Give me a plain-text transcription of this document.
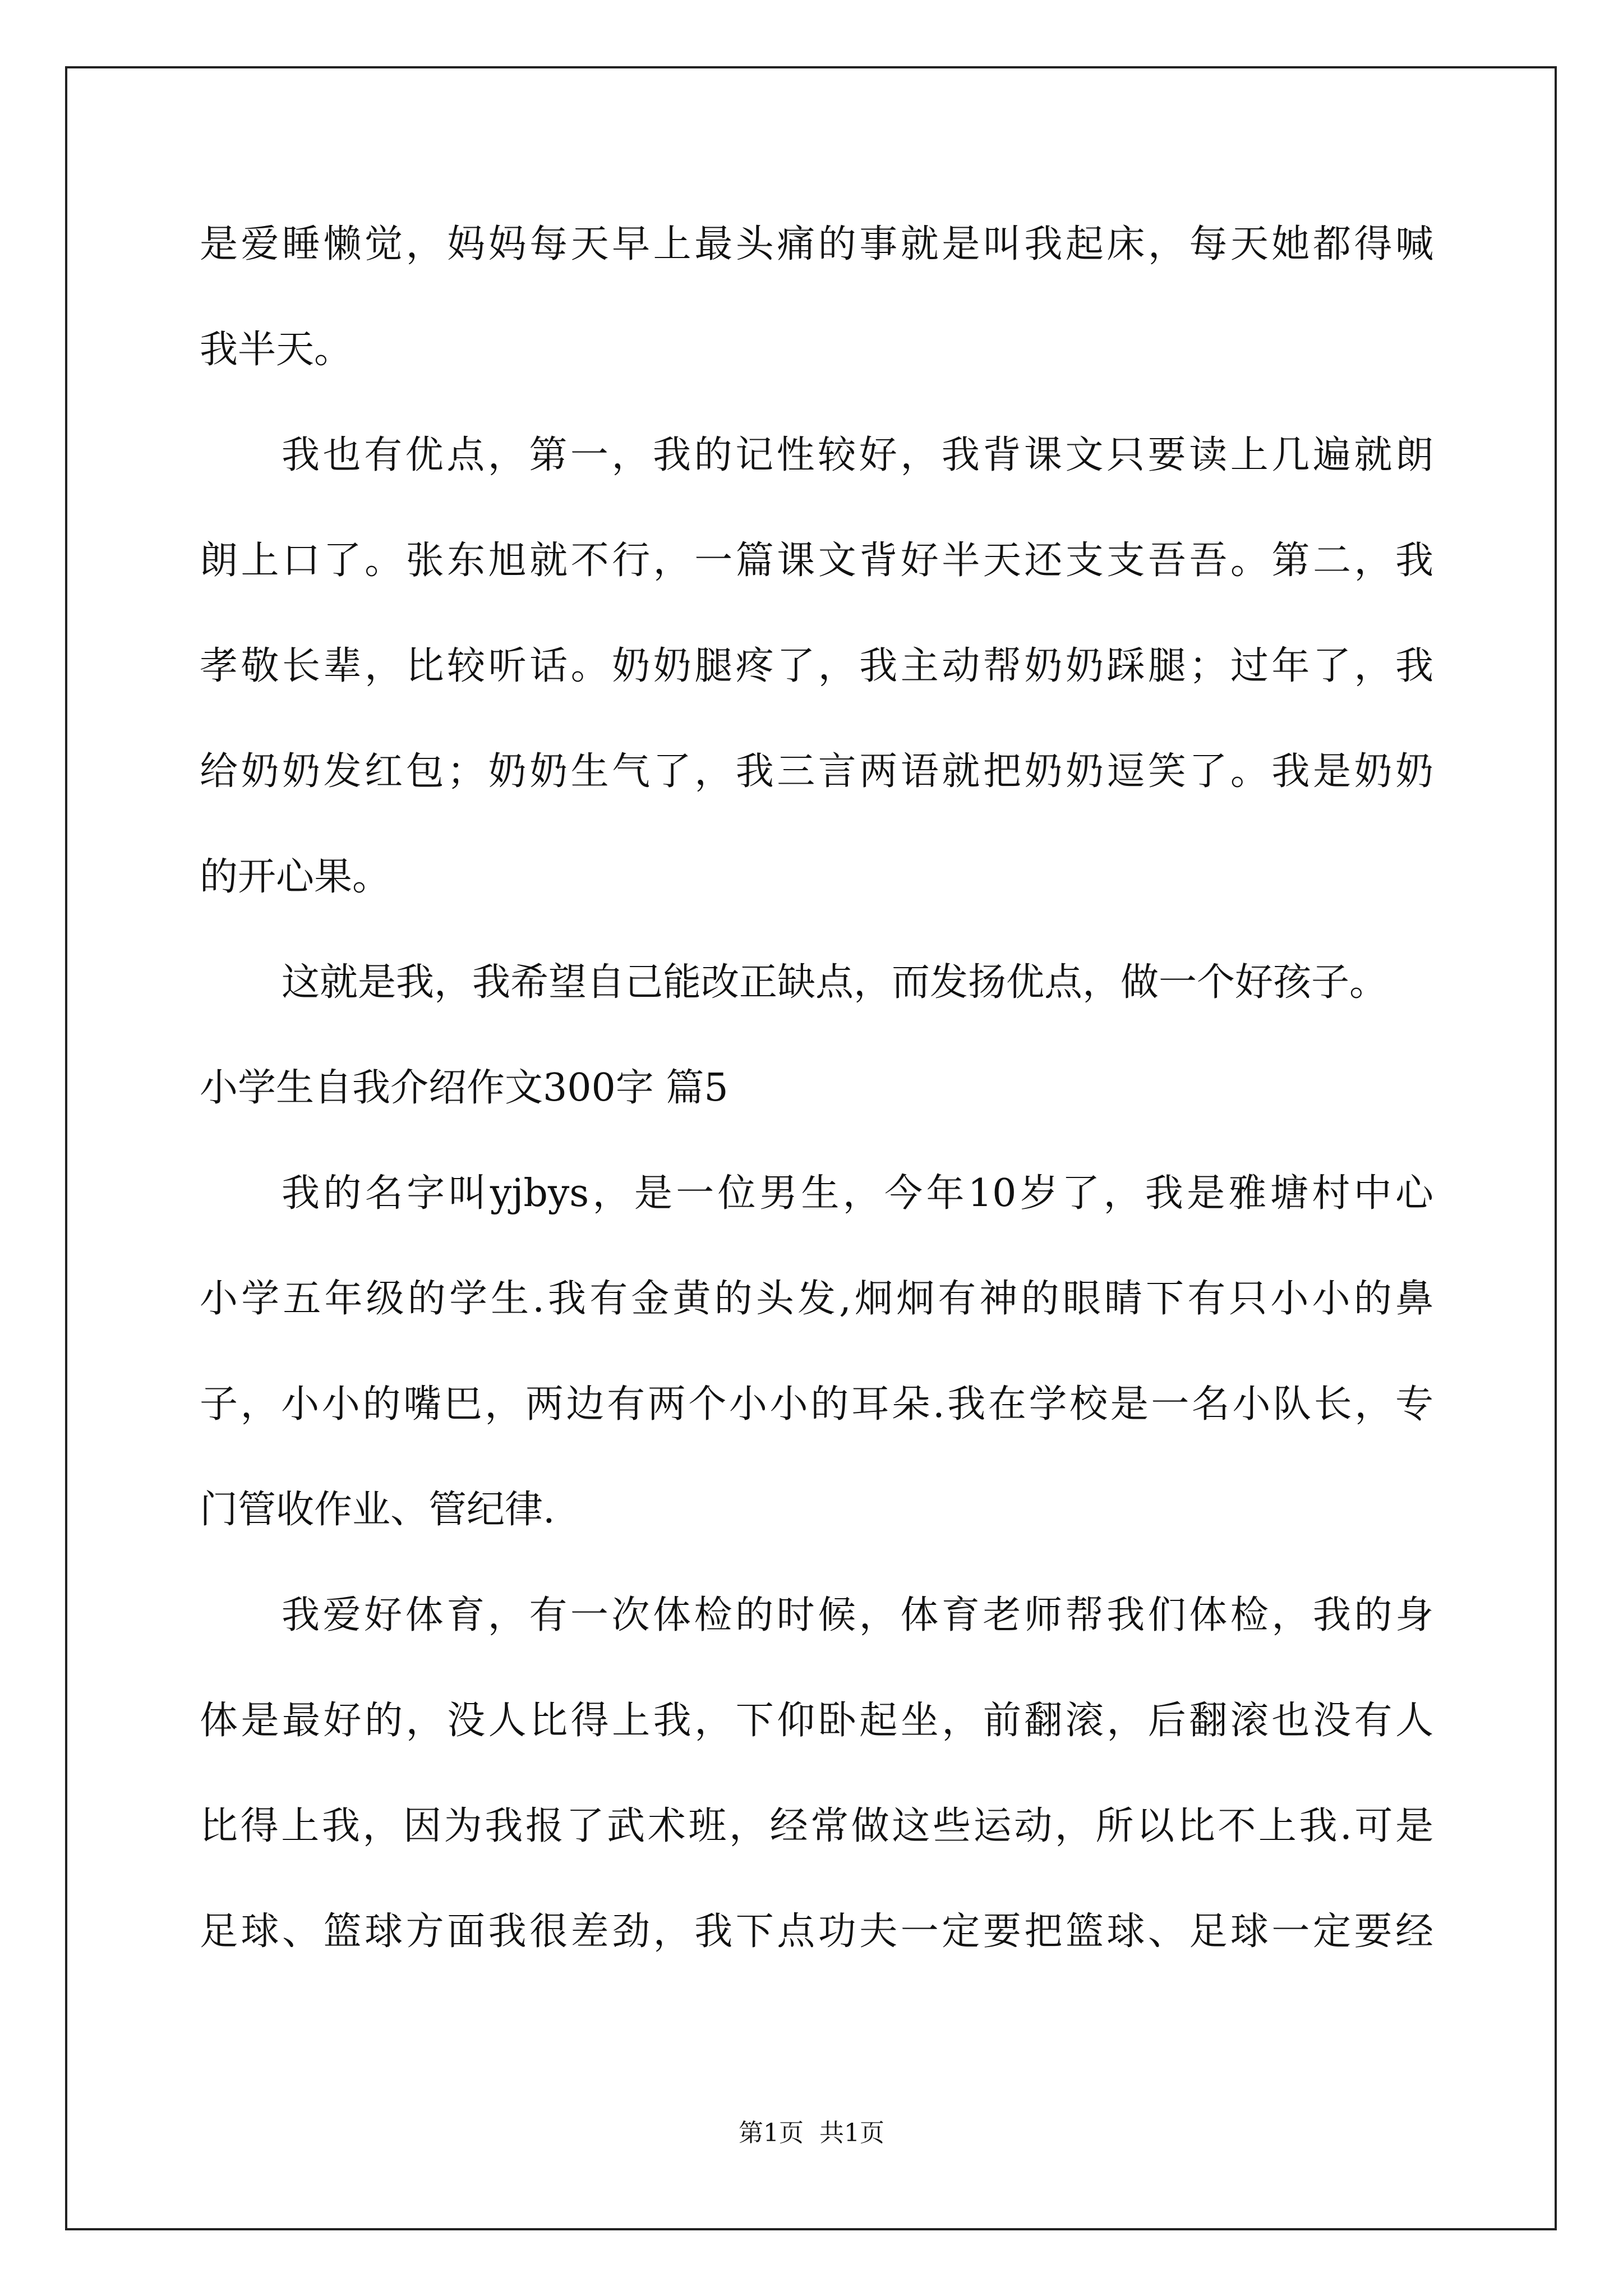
是爱睡懒觉，妈妈每天早上最头痛的事就是叫我起床，每天她都得喊
我半天。
我也有优点，第一，我的记性较好，我背课文只要读上几遍就朗
朗上口了。张东旭就不行，一篇课文背好半天还支支吾吾。第二，我
孝敬长辈，比较听话。奶奶腿疼了，我主动帮奶奶踩腿；过年了，我
给奶奶发红包；奶奶生气了，我三言两语就把奶奶逗笑了。我是奶奶
的开心果。
这就是我，我希望自己能改正缺点，而发扬优点，做一个好孩子。
小学生自我介绍作文300字 篇5
我的名字叫yjbys，是一位男生，今年10岁了，我是雅塘村中心
小学五年级的学生.我有金黄的头发,炯炯有神的眼睛下有只小小的鼻
子，小小的嘴巴，两边有两个小小的耳朵.我在学校是一名小队长，专
门管收作业、管纪律.
我爱好体育，有一次体检的时候，体育老师帮我们体检，我的身
体是最好的，没人比得上我，下仰卧起坐，前翻滚，后翻滚也没有人
比得上我，因为我报了武术班，经常做这些运动，所以比不上我.可是
足球、篮球方面我很差劲，我下点功夫一定要把篮球、足球一定要经
第1页 共1页
